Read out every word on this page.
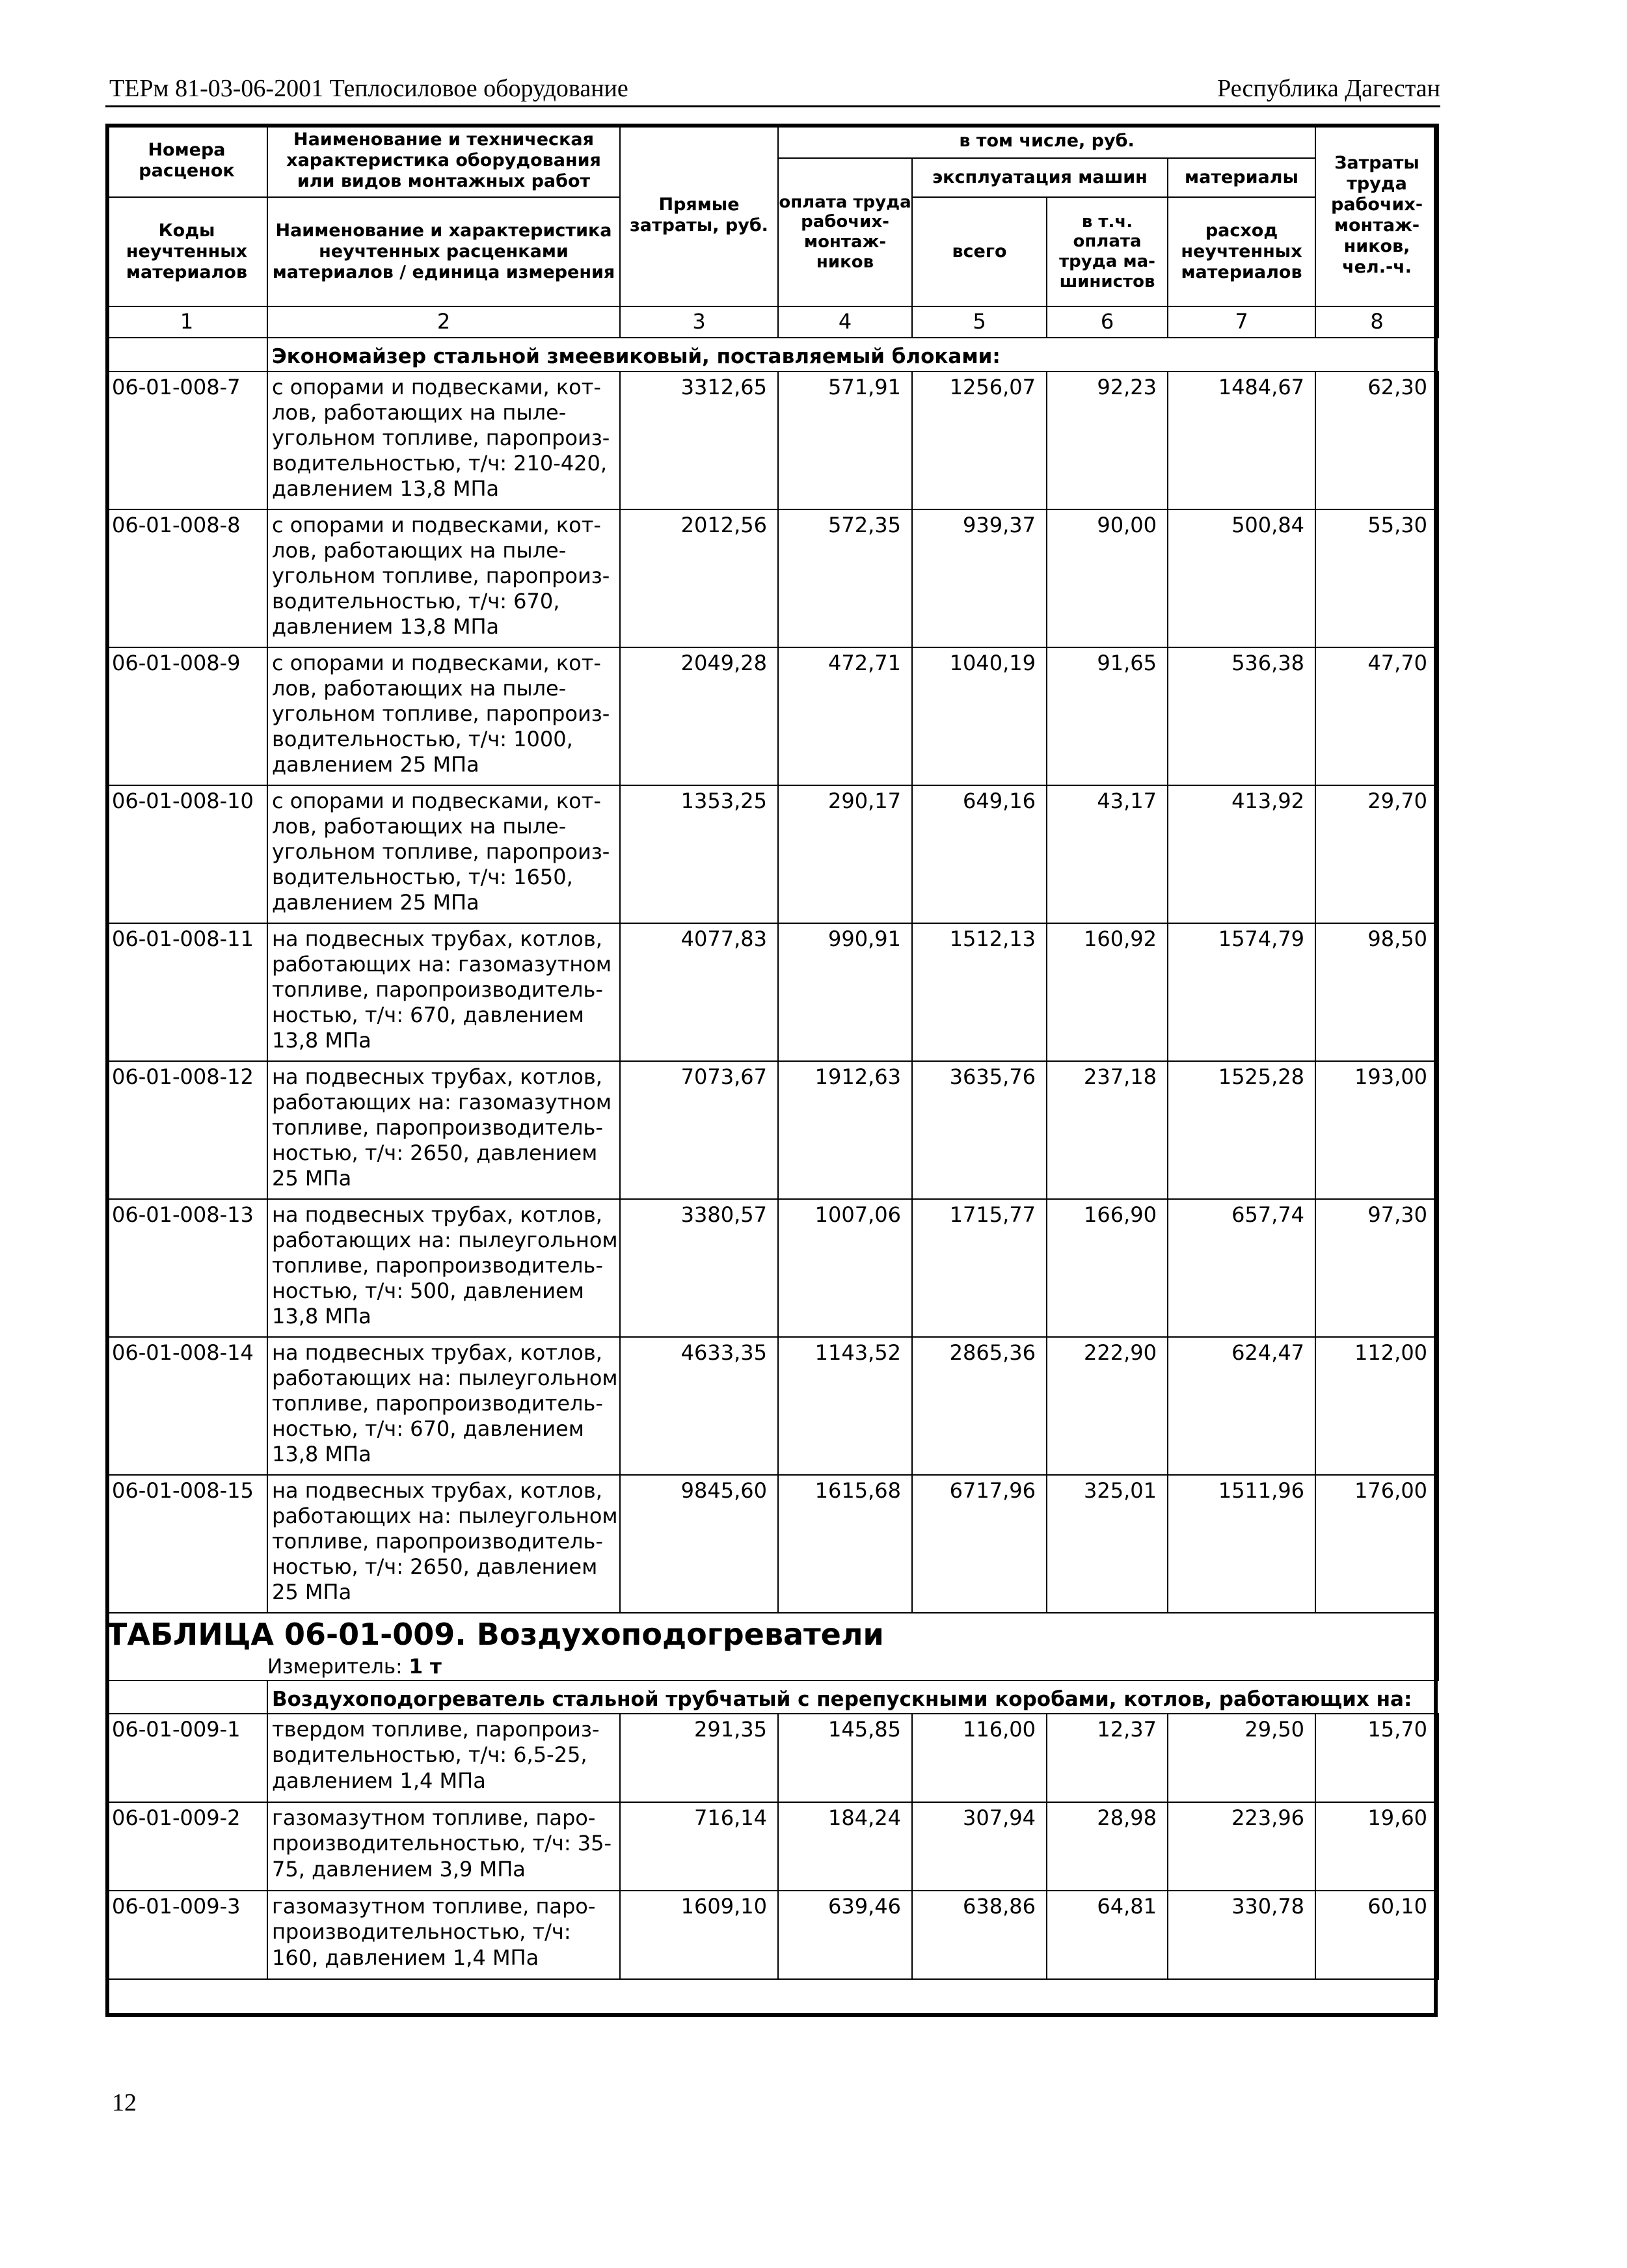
ТЕРм 81-03-06-2001 Теплосиловое оборудование	Республика Дагестан
Номера расценок	Наименование и техническая характеристика оборудования или видов монтажных работ	Прямые затраты, руб.	в том числе, руб.				Затраты труда рабочих-монтаж-ников, чел.-ч.
			оплата труда рабочих-монтаж-ников	эксплуатация машин		материалы	
Коды неучтенных материалов	Наименование и характеристика неучтенных расценками материалов / единица измерения			всего	в т.ч. оплата труда ма-шинистов	расход неучтенных материалов	

1	2	3	4	5	6	7	8
	Экономайзер стальной змеевиковый, поставляемый блоками:						
06-01-008-7	с опорами и подвесками, кот-
лов, работающих на пыле-
угольном топливе, паропроиз-
водительностью, т/ч: 210-420,
давлением 13,8 МПа	3312,65	571,91	1256,07	92,23	1484,67	62,30
06-01-008-8	с опорами и подвесками, кот-
лов, работающих на пыле-
угольном топливе, паропроиз-
водительностью, т/ч: 670,
давлением 13,8 МПа	2012,56	572,35	939,37	90,00	500,84	55,30
06-01-008-9	с опорами и подвесками, кот-
лов, работающих на пыле-
угольном топливе, паропроиз-
водительностью, т/ч: 1000,
давлением 25 МПа	2049,28	472,71	1040,19	91,65	536,38	47,70
06-01-008-10	с опорами и подвесками, кот-
лов, работающих на пыле-
угольном топливе, паропроиз-
водительностью, т/ч: 1650,
давлением 25 МПа	1353,25	290,17	649,16	43,17	413,92	29,70
06-01-008-11	на подвесных трубах, котлов,
работающих на: газомазутном
топливе, паропроизводитель-
ностью, т/ч: 670, давлением
13,8 МПа	4077,83	990,91	1512,13	160,92	1574,79	98,50
06-01-008-12	на подвесных трубах, котлов,
работающих на: газомазутном
топливе, паропроизводитель-
ностью, т/ч: 2650, давлением
25 МПа	7073,67	1912,63	3635,76	237,18	1525,28	193,00
06-01-008-13	на подвесных трубах, котлов,
работающих на: пылеугольном
топливе, паропроизводитель-
ностью, т/ч: 500, давлением
13,8 МПа	3380,57	1007,06	1715,77	166,90	657,74	97,30
06-01-008-14	на подвесных трубах, котлов,
работающих на: пылеугольном
топливе, паропроизводитель-
ностью, т/ч: 670, давлением
13,8 МПа	4633,35	1143,52	2865,36	222,90	624,47	112,00
06-01-008-15	на подвесных трубах, котлов,
работающих на: пылеугольном
топливе, паропроизводитель-
ностью, т/ч: 2650, давлением
25 МПа	9845,60	1615,68	6717,96	325,01	1511,96	176,00
ТАБЛИЦА 06-01-009. Воздухоподогреватели							
	Измеритель: 1 т						
	Воздухоподогреватель стальной трубчатый с перепускными коробами, котлов, работающих на:						
06-01-009-1	твердом топливе, паропроиз-
водительностью, т/ч: 6,5-25,
давлением 1,4 МПа	291,35	145,85	116,00	12,37	29,50	15,70
06-01-009-2	газомазутном топливе, паро-
производительностью, т/ч: 35-
75, давлением 3,9 МПа	716,14	184,24	307,94	28,98	223,96	19,60
06-01-009-3	газомазутном топливе, паро-
производительностью, т/ч:
160, давлением 1,4 МПа	1609,10	639,46	638,86	64,81	330,78	60,10
12
